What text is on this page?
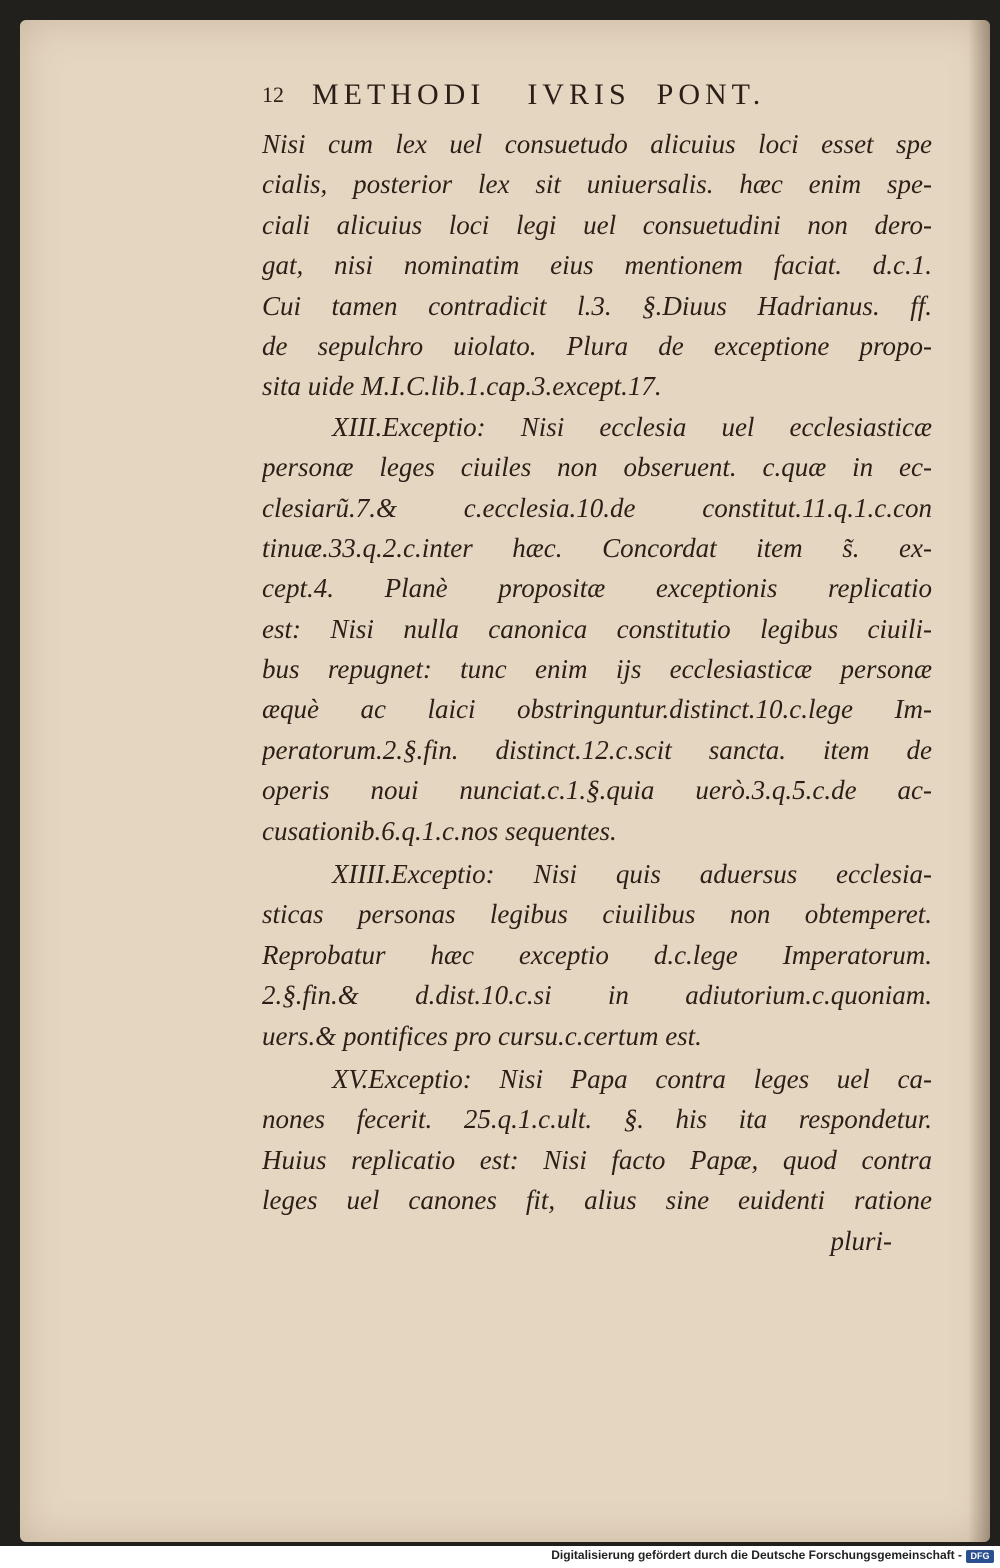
12 METHODI IVRIS PONT.
Nisi cum lex uel consuetudo alicuius loci esset spe
cialis, posterior lex sit uniuersalis. hæc enim spe-
ciali alicuius loci legi uel consuetudini non dero-
gat, nisi nominatim eius mentionem faciat. d.c.1.
Cui tamen contradicit l.3. §.Diuus Hadrianus. ff.
de sepulchro uiolato. Plura de exceptione propo-
sita uide M.I.C.lib.1.cap.3.except.17.
XIII.Exceptio: Nisi ecclesia uel ecclesiasticæ
personæ leges ciuiles non obseruent. c.quæ in ec-
clesiarũ.7.& c.ecclesia.10.de constitut.11.q.1.c.con
tinuæ.33.q.2.c.inter hæc. Concordat item s̃. ex-
cept.4. Planè propositæ exceptionis replicatio
est: Nisi nulla canonica constitutio legibus ciuili-
bus repugnet: tunc enim ijs ecclesiasticæ personæ
æquè ac laici obstringuntur.distinct.10.c.lege Im-
peratorum.2.§.fin. distinct.12.c.scit sancta. item de
operis noui nunciat.c.1.§.quia uerò.3.q.5.c.de ac-
cusationib.6.q.1.c.nos sequentes.
XIIII.Exceptio: Nisi quis aduersus ecclesia-
sticas personas legibus ciuilibus non obtemperet.
Reprobatur hæc exceptio d.c.lege Imperatorum.
2.§.fin.& d.dist.10.c.si in adiutorium.c.quoniam.
uers.& pontifices pro cursu.c.certum est.
XV.Exceptio: Nisi Papa contra leges uel ca-
nones fecerit. 25.q.1.c.ult. §. his ita respondetur.
Huius replicatio est: Nisi facto Papæ, quod contra
leges uel canones fit, alius sine euidenti ratione
pluri-
Digitalisierung gefördert durch die Deutsche Forschungsgemeinschaft - DFG
